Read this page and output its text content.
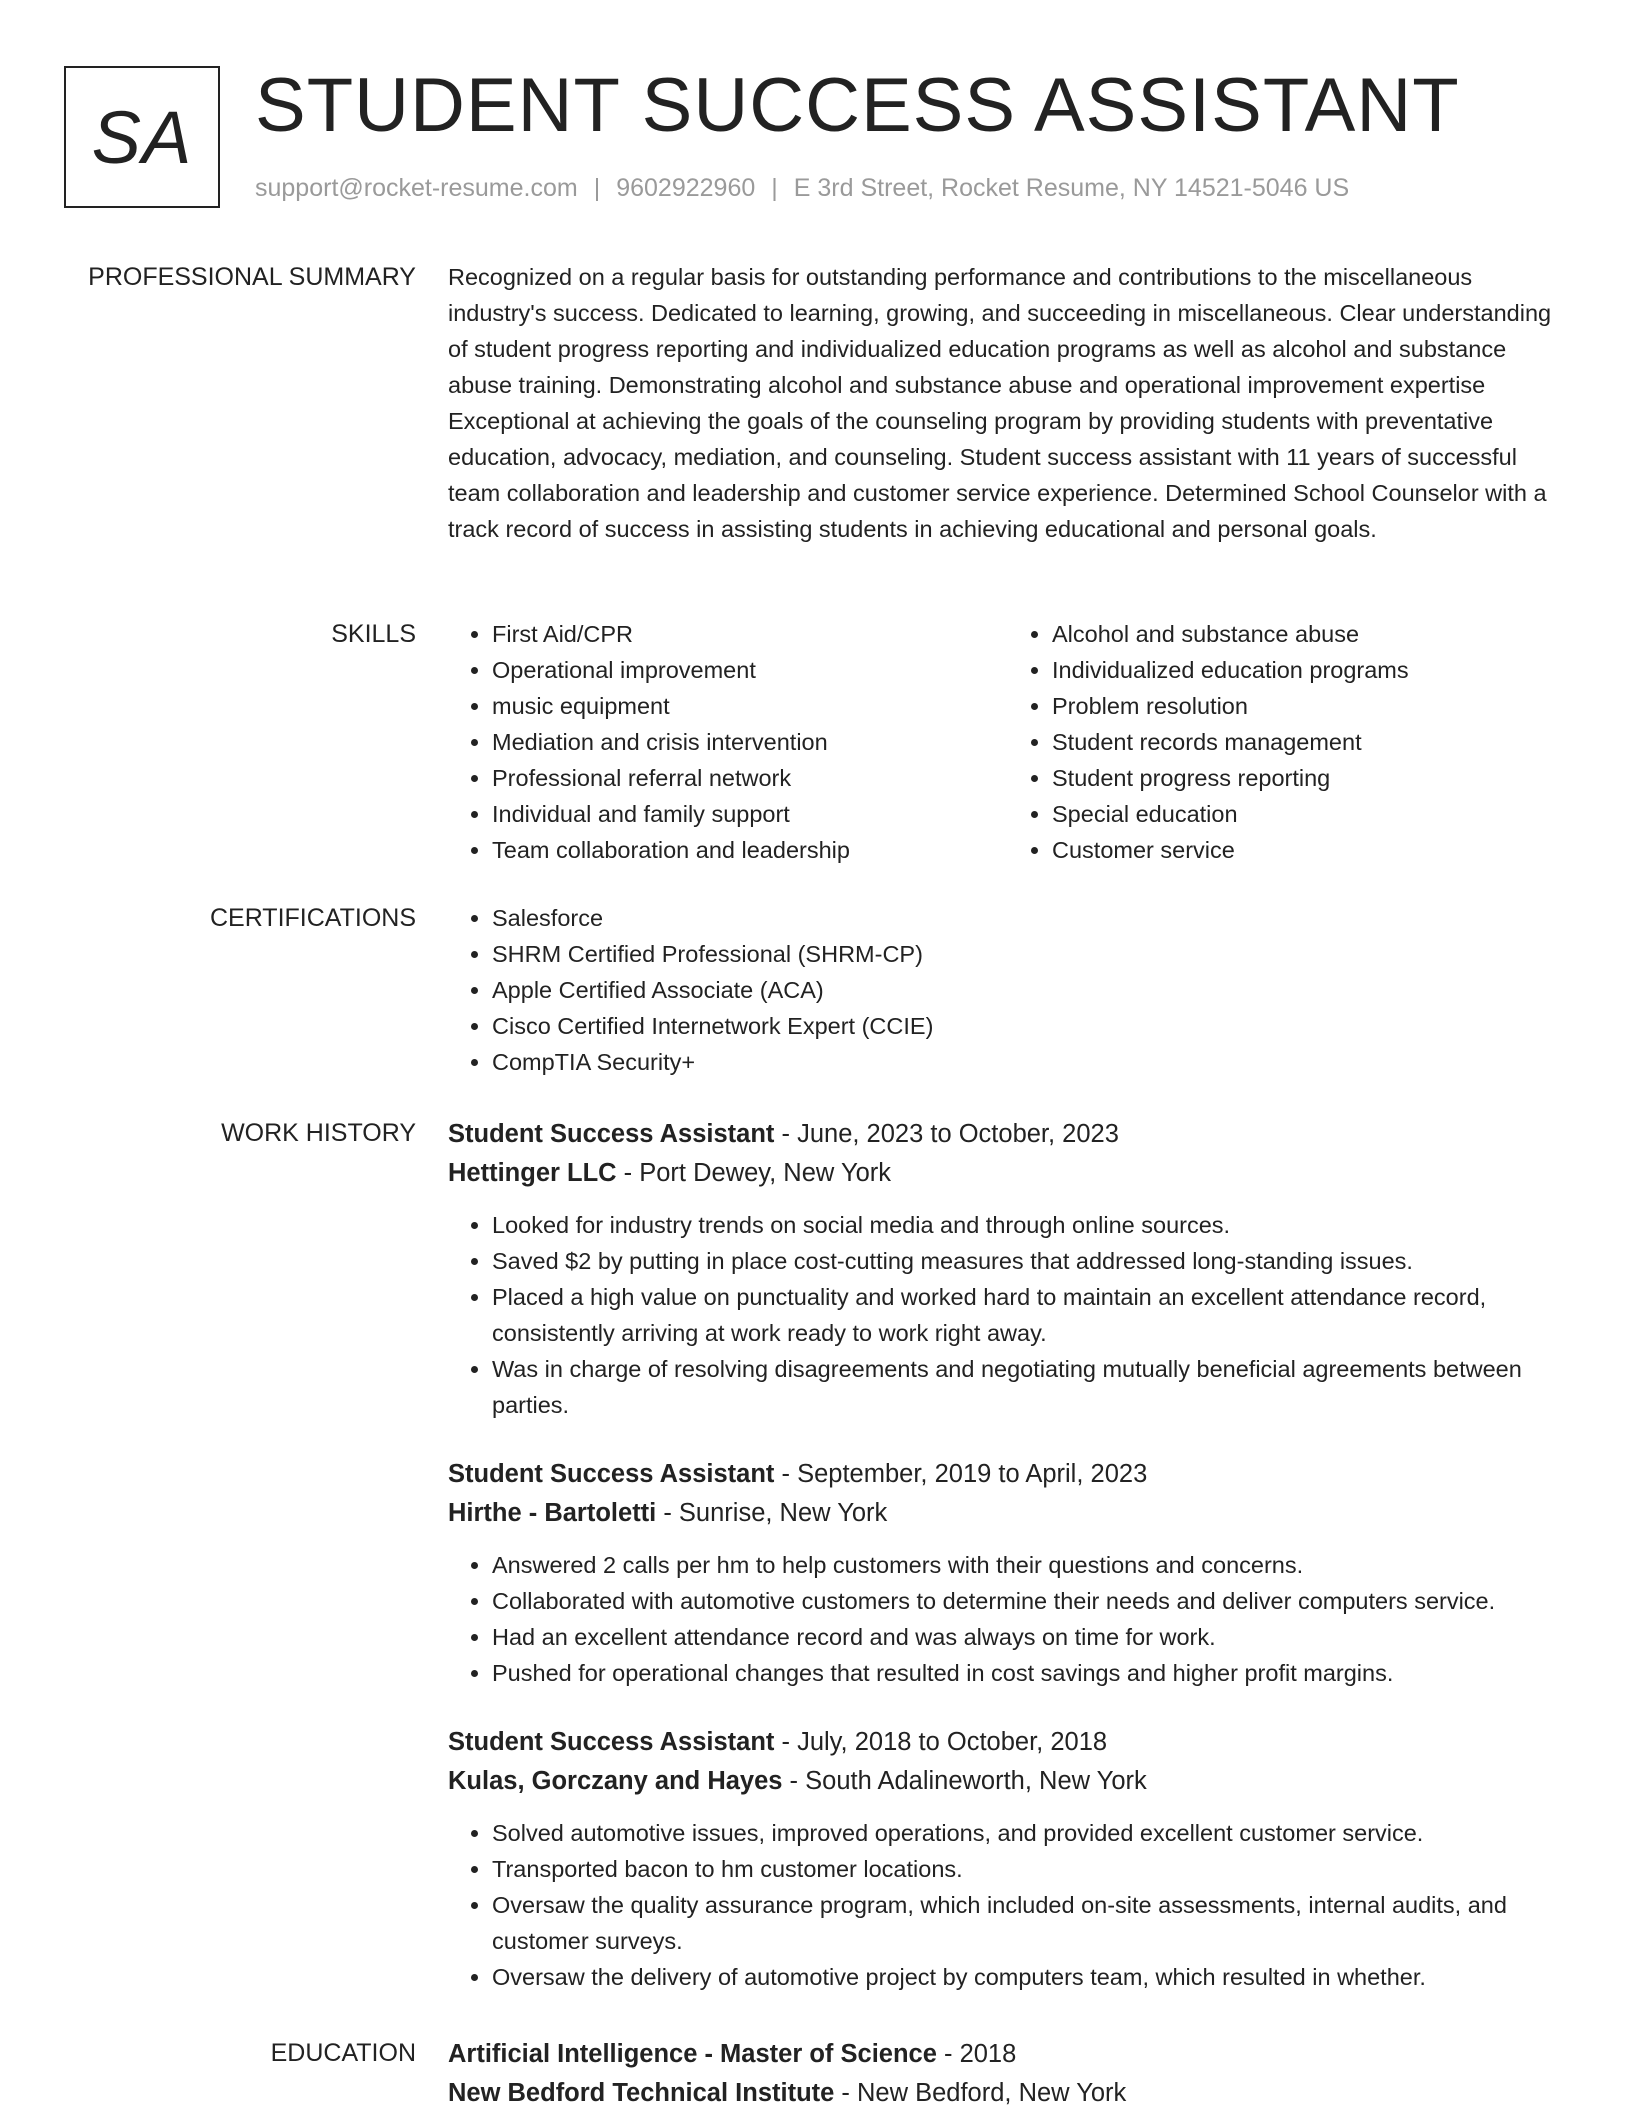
SA STUDENT SUCCESS ASSISTANT
support@rocket-resume.com | 9602922960 | E 3rd Street, Rocket Resume, NY 14521-5046 US
PROFESSIONAL SUMMARY Recognized on a regular basis for outstanding performance and contributions to the miscellaneous industry's success. Dedicated to learning, growing, and succeeding in miscellaneous. Clear understanding of student progress reporting and individualized education programs as well as alcohol and substance abuse training. Demonstrating alcohol and substance abuse and operational improvement expertise Exceptional at achieving the goals of the counseling program by providing students with preventative education, advocacy, mediation, and counseling. Student success assistant with 11 years of successful team collaboration and leadership and customer service experience. Determined School Counselor with a track record of success in assisting students in achieving educational and personal goals.
SKILLS	• First Aid/CPR
• Operational improvement
• music equipment
• Mediation and crisis intervention
• Professional referral network
• Individual and family support
• Team collaboration and leadership
• Alcohol and substance abuse
• Individualized education programs
• Problem resolution
• Student records management
• Student progress reporting
• Special education
• Customer service
CERTIFICATIONS	• Salesforce
• SHRM Certified Professional (SHRM-CP)
• Apple Certified Associate (ACA)
• Cisco Certified Internetwork Expert (CCIE)
• CompTIA Security+
WORK HISTORY Student Success Assistant - June, 2023 to October, 2023
Hettinger LLC - Port Dewey, New York
• Looked for industry trends on social media and through online sources.
• Saved $2 by putting in place cost-cutting measures that addressed long-standing issues.
• Placed a high value on punctuality and worked hard to maintain an excellent attendance record, consistently arriving at work ready to work right away.
• Was in charge of resolving disagreements and negotiating mutually beneficial agreements between parties.
Student Success Assistant - September, 2019 to April, 2023
Hirthe - Bartoletti - Sunrise, New York
• Answered 2 calls per hm to help customers with their questions and concerns.
• Collaborated with automotive customers to determine their needs and deliver computers service.
• Had an excellent attendance record and was always on time for work.
• Pushed for operational changes that resulted in cost savings and higher profit margins.
Student Success Assistant - July, 2018 to October, 2018
Kulas, Gorczany and Hayes - South Adalineworth, New York
• Solved automotive issues, improved operations, and provided excellent customer service.
• Transported bacon to hm customer locations.
• Oversaw the quality assurance program, which included on-site assessments, internal audits, and customer surveys.
• Oversaw the delivery of automotive project by computers team, which resulted in whether.
EDUCATION Artificial Intelligence - Master of Science - 2018
New Bedford Technical Institute - New Bedford, New York
